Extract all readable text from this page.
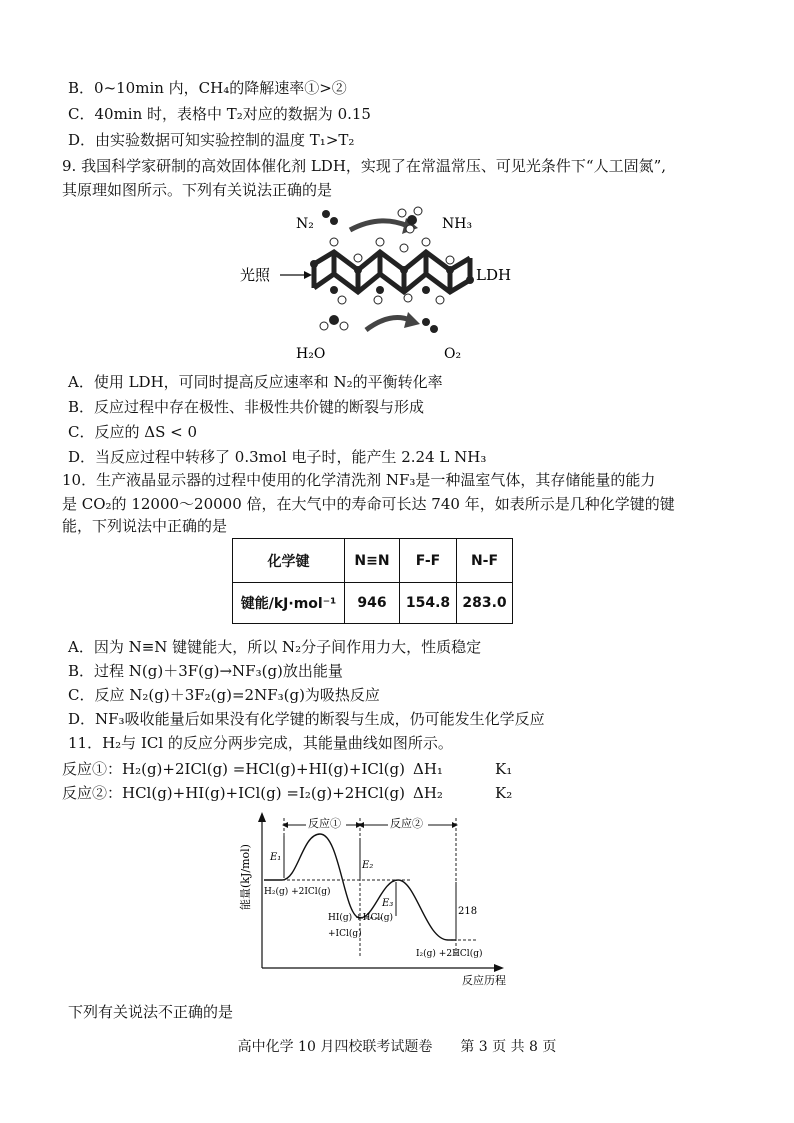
B．0~10min 内，CH₄的降解速率①>②
C．40min 时，表格中 T₂对应的数据为 0.15
D．由实验数据可知实验控制的温度 T₁>T₂
9. 我国科学家研制的高效固体催化剂 LDH，实现了在常温常压、可见光条件下“人工固氮”,
其原理如图所示。下列有关说法正确的是
N₂	NH₃
光照	LDH
H₂O	O₂
A．使用 LDH，可同时提高反应速率和 N₂的平衡转化率
B．反应过程中存在极性、非极性共价键的断裂与形成
C．反应的 ΔS < 0
D．当反应过程中转移了 0.3mol 电子时，能产生 2.24 L NH₃
10．生产液晶显示器的过程中使用的化学清洗剂 NF₃是一种温室气体，其存储能量的能力
是 CO₂的 12000～20000 倍，在大气中的寿命可长达 740 年，如表所示是几种化学键的键
能，下列说法中正确的是
化学键	N≡N	F-F	N-F
键能/kJ·mol⁻¹	946	154.8	283.0
A．因为 N≡N 键键能大，所以 N₂分子间作用力大，性质稳定
B．过程 N(g)＋3F(g)→NF₃(g)放出能量
C．反应 N₂(g)＋3F₂(g)=2NF₃(g)为吸热反应
D．NF₃吸收能量后如果没有化学键的断裂与生成，仍可能发生化学反应
11．H₂与 ICl 的反应分两步完成，其能量曲线如图所示。
反应①：H₂(g)+2ICl(g) =HCl(g)+HI(g)+ICl(g) ΔH₁	K₁
反应②：HCl(g)+HI(g)+ICl(g) =I₂(g)+2HCl(g) ΔH₂	K₂
能量(kJ/mol)
反应历程
反应①	反应②
E₁
E₂
E₃
218
H₂(g) +2ICl(g)
HI(g) +HCl(g)
+ICl(g)
I₂(g) +2HCl(g)
下列有关说法不正确的是
高中化学 10 月四校联考试题卷　　第 3 页 共 8 页
